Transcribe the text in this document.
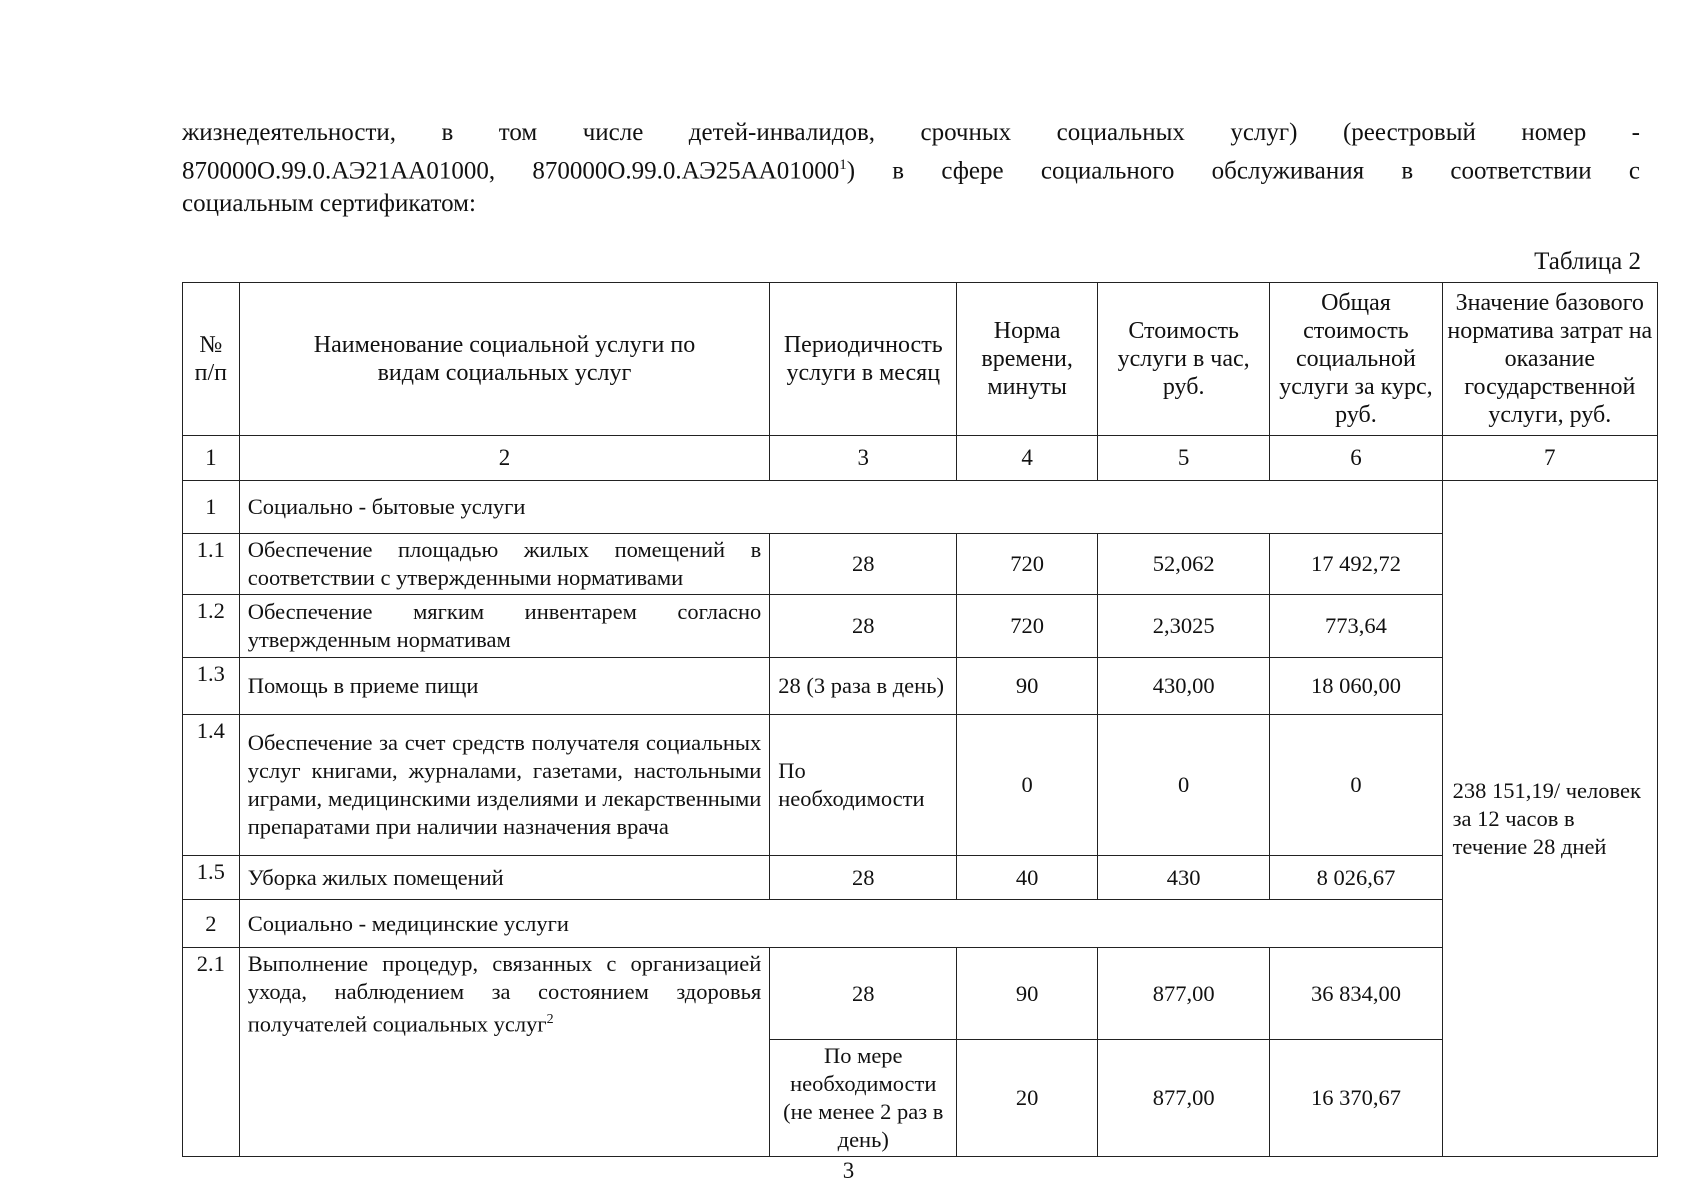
жизнедеятельности, в том числе детей-инвалидов, срочных социальных услуг) (реестровый номер -
870000О.99.0.АЭ21АА01000, 870000О.99.0.АЭ25АА01000$^1$) в сфере социального обслуживания в соответствии с
социальным сертификатом:
Таблица 2
№ п/п	Наименование социальной услуги по видам социальных услуг	Периодичность услуги в месяц	Норма времени, минуты	Стоимость услуги в час, руб.	Общая стоимость социальной услуги за курс, руб.	Значение базового норматива затрат на оказание государственной услуги, руб.
1	2	3	4	5	6	7
1	Социально - бытовые услуги					238 151,19/ человек за 12 часов в течение 28 дней
1.1	Обеспечение площадью жилых помещений в соответствии с утвержденными нормативами	28	720	52,062	17 492,72	
1.2	Обеспечение мягким инвентарем согласно утвержденным нормативам	28	720	2,3025	773,64	
1.3	Помощь в приеме пищи	28 (3 раза в день)	90	430,00	18 060,00	
1.4	Обеспечение за счет средств получателя социальных услуг книгами, журналами, газетами, настольными играми, медицинскими изделиями и лекарственными препаратами при наличии назначения врача	По необходимости	0	0	0	
1.5	Уборка жилых помещений	28	40	430	8 026,67	
2	Социально - медицинские услуги					
2.1	Выполнение процедур, связанных с организацией ухода, наблюдением за состоянием здоровья получателей социальных услуг$^2$	28	90	877,00	36 834,00	
		По мере необходимости (не менее 2 раз в день)	20	877,00	16 370,67	
3
